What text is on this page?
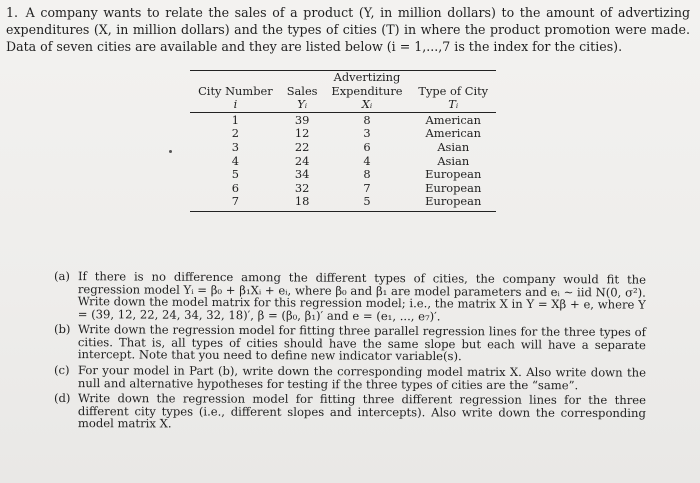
1. A company wants to relate the sales of a product (Y, in million dollars) to the amount of advertizing expenditures (X, in million dollars) and the types of cities (T) in where the product promotion were made. Data of seven cities are available and they are listed below (i = 1,...,7 is the index for the cities).
		Advertizing	
City Number	Sales	Expenditure	Type of City
i	Yᵢ	Xᵢ	Tᵢ
1	39	8	American
2	12	3	American
3	22	6	Asian
4	24	4	Asian
5	34	8	European
6	32	7	European
7	18	5	European
(a) If there is no difference among the different types of cities, the company would fit the regression model Yᵢ = β₀ + β₁Xᵢ + eᵢ, where β₀ and β₁ are model parameters and eᵢ ~ iid N(0, σ²). Write down the model matrix for this regression model; i.e., the matrix X in Y = Xβ + e, where Y = (39, 12, 22, 24, 34, 32, 18)′, β = (β₀, β₁)′ and e = (e₁, ..., e₇)′.
(b) Write down the regression model for fitting three parallel regression lines for the three types of cities. That is, all types of cities should have the same slope but each will have a separate intercept. Note that you need to define new indicator variable(s).
(c) For your model in Part (b), write down the corresponding model matrix X. Also write down the null and alternative hypotheses for testing if the three types of cities are the “same”.
(d) Write down the regression model for fitting three different regression lines for the three different city types (i.e., different slopes and intercepts). Also write down the corresponding model matrix X.
